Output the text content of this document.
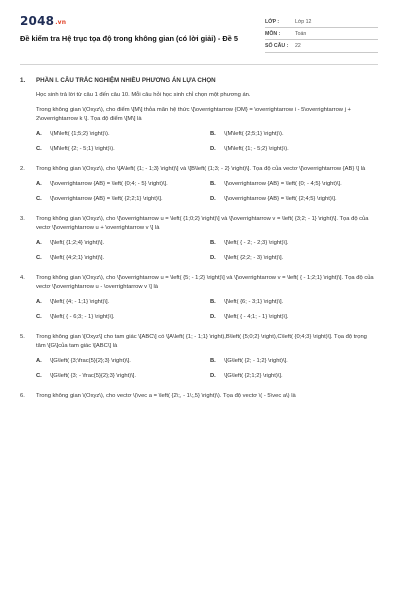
2048.vn
Đề kiểm tra Hệ trục tọa độ trong không gian (có lời giải) - Đề 5
LỚP :	Lớp 12
MÔN :	Toán
SỐ CÂU :	22
1.	PHẦN I. CÂU TRẮC NGHIỆM NHIỀU PHƯƠNG ÁN LỰA CHỌN
Học sinh trả lời từ câu 1 đến câu 10. Mỗi câu hỏi học sinh chỉ chọn một phương án.
Trong không gian \(Oxyz\), cho điểm \[M\] thỏa mãn hệ thức \[\overrightarrow {OM} = \overrightarrow i - 5\overrightarrow j + 2\overrightarrow k \]. Tọa độ điểm \[M\] là
A.	\(M\left( {1;5;2} \right)\).	B.	\(M\left( {2;5;1} \right)\).
C.	\(M\left( {2; - 5;1} \right)\).	D.	\(M\left( {1; - 5;2} \right)\).
2.	Trong không gian \(Oxyz\), cho \[A\left( {1; - 1;3} \right)\] và \[B\left( {1;3; - 2} \right)\]. Tọa độ của vectơ \[\overrightarrow {AB} \] là
A.	\[\overrightarrow {AB} = \left( {0;4; - 5} \right)\].	B.	\[\overrightarrow {AB} = \left( {0; - 4;5} \right)\].
C.	\[\overrightarrow {AB} = \left( {2;2;1} \right)\].	D.	\[\overrightarrow {AB} = \left( {2;4;5} \right)\].
3.	Trong không gian \(Oxyz\), cho \[\overrightarrow u = \left( {1;0;2} \right)\] và \[\overrightarrow v = \left( {3;2; - 1} \right)\]. Tọa độ của vectơ \[\overrightarrow u + \overrightarrow v \] là
A.	\[\left( {1;2;4} \right)\].	B.	\[\left( { - 2; - 2;3} \right)\].
C.	\[\left( {4;2;1} \right)\].	D.	\[\left( {2;2; - 3} \right)\].
4.	Trong không gian \(Oxyz\), cho \[\overrightarrow u = \left( {5; - 1;2} \right)\] và \[\overrightarrow v = \left( { - 1;2;1} \right)\]. Tọa độ của vectơ \[\overrightarrow u - \overrightarrow v \] là
A.	\[\left( {4; - 1;1} \right)\].	B.	\[\left( {6; - 3;1} \right)\].
C.	\[\left( { - 6;3; - 1} \right)\].	D.	\[\left( { - 4;1; - 1} \right)\].
5.	Trong không gian \[Oxyz\] cho tam giác \[ABC\] có \[A\left( {1; - 1;1} \right),B\left( {5;0;2} \right),C\left( {0;4;3} \right)\]. Tọa độ trọng tâm \[G\]của tam giác \[ABC\] là
A.	\[G\left( {3;\frac{5}{2};3} \right)\].	B.	\[G\left( {2; - 1;2} \right)\].
C.	\[G\left( {3; - \frac{5}{2};3} \right)\].	D.	\[G\left( {2;1;2} \right)\].
6.	Trong không gian \(Oxyz\), cho vectơ \(\vec a = \left( {2\;, - 1\;,5} \right)\). Tọa độ vectơ \( - 5\vec a\) là
